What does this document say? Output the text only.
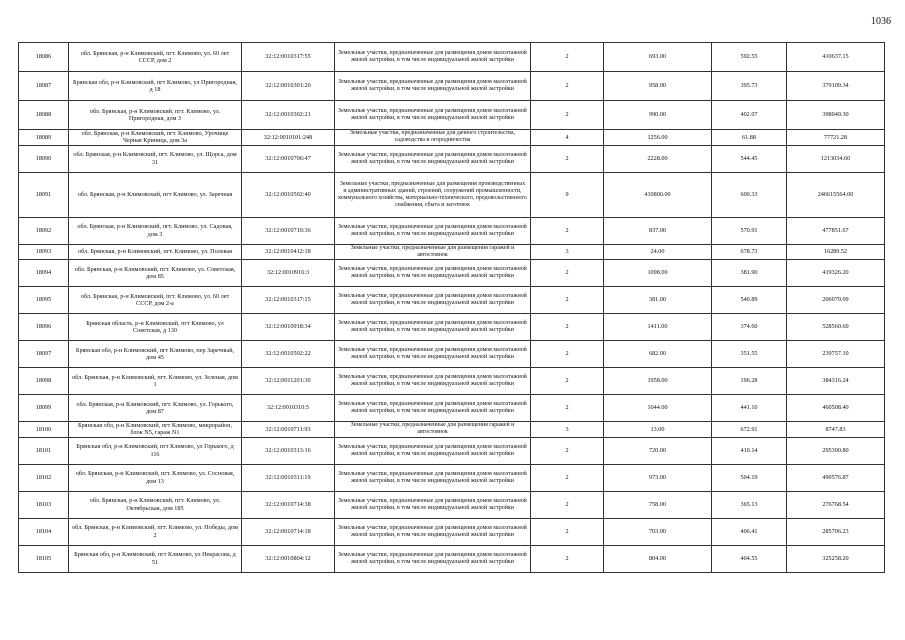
1036
18086	обл. Брянская, р-н Климовский, пгт. Климово, ул. 60 лет СССР, дом 2	32:12:0010317:55	Земельные участки, предназначенные для размещения домов малоэтажной жилой застройки, в том числе индивидуальной жилой застройки	2	693.00	592.55	410637.15
18087	Брянская обл, р-н Климовский, пгт Климово, ул Пригородная, д 18	32:12:0010301:20	Земельные участки, предназначенные для размещения домов малоэтажной жилой застройки, в том числе индивидуальной жилой застройки	2	958.00	395.73	379109.34
18088	обл. Брянская, р-н Климовский, пгт. Климово, ул. Пригородная, дом 3	32:12:0010302:21	Земельные участки, предназначенные для размещения домов малоэтажной жилой застройки, в том числе индивидуальной жилой застройки	2	990.00	402.07	398049.30
18089	обл. Брянская, р-н Климовский, пгт. Климово, Урочище Черная Криница, дом 3а	32:12:0010101:248	Земельные участки, предназначенные для дачного строительства, садоводства и огородничества	4	1256.00	61.88	77721.28
18090	обл. Брянская, р-н Климовский, пгт. Климово, ул. Щорса, дом 31	32:12:0010706:47	Земельные участки, предназначенные для размещения домов малоэтажной жилой застройки, в том числе индивидуальной жилой застройки	2	2228.00	544.45	1213034.60
18091	обл. Брянская, р-н Климовский, пгт Климово, ул. Заречная	32:12:0010502:40	Земельные участки, предназначенные для размещения производственных и административных зданий, строений, сооружений промышленности, коммунального хозяйства, материально-технического, продовольственного снабжения, сбыта и заготовок	9	410800.00	600.33	246615564.00
18092	обл. Брянская, р-н Климовский, пгт. Климово, ул. Садовая, дом 3	32:12:0010710:36	Земельные участки, предназначенные для размещения домов малоэтажной жилой застройки, в том числе индивидуальной жилой застройки	2	837.00	570.91	477851.67
18093	обл. Брянская, р-н Климовский, пгт. Климово, ул. Полевая	32:12:0010412:18	Земельные участки, предназначенные для размещения гаражей и автостоянок	3	24.00	678.73	16289.52
18094	обл. Брянская, р-н Климовский, пгт. Климово, ул. Советская, дом 85	32:12:0010916:3	Земельные участки, предназначенные для размещения домов малоэтажной жилой застройки, в том числе индивидуальной жилой застройки	2	1098.00	381.90	419326.20
18095	обл. Брянская, р-н Климовский, пгт. Климово, ул. 60 лет СССР, дом 2-а	32:12:0010317:15	Земельные участки, предназначенные для размещения домов малоэтажной жилой застройки, в том числе индивидуальной жилой застройки	2	381.00	540.89	206079.09
18096	Брянская область, р-н Климовский, пгт Климово, ул Советская, д 130	32:12:0010918:34	Земельные участки, предназначенные для размещения домов малоэтажной жилой застройки, в том числе индивидуальной жилой застройки	2	1411.00	374.60	528560.60
18097	Брянская обл, р-н Климовский, пгт Климово, пер Заречный, дом 45	32:12:0010502:22	Земельные участки, предназначенные для размещения домов малоэтажной жилой застройки, в том числе индивидуальной жилой застройки	2	682.00	351.55	239757.10
18098	обл. Брянская, р-н Климовский, пгт. Климово, ул. Зеленая, дом 1	32:12:0011201:30	Земельные участки, предназначенные для размещения домов малоэтажной жилой застройки, в том числе индивидуальной жилой застройки	2	1958.00	196.28	384316.24
18099	обл. Брянская, р-н Климовский, пгт. Климово, ул. Горького, дом 87	32:12:0010310:5	Земельные участки, предназначенные для размещения домов малоэтажной жилой застройки, в том числе индивидуальной жилой застройки	2	1044.00	441.10	460508.40
18100	Брянская обл, р-н Климовский, пгт Климово, микрорайон, блок N5, гараж N1	32:12:0010711:93	Земельные участки, предназначенные для размещения гаражей и автостоянок	3	13.00	672.91	8747.83
18101	Брянская обл, р-н Климовский, пгт Климово, ул Горького, д 116	32:12:0010313:16	Земельные участки, предназначенные для размещения домов малоэтажной жилой застройки, в том числе индивидуальной жилой застройки	2	720.00	410.14	295300.80
18102	обл. Брянская, р-н Климовский, пгт. Климово, ул. Сосновая, дом 13	32:12:0010311:19	Земельные участки, предназначенные для размещения домов малоэтажной жилой застройки, в том числе индивидуальной жилой застройки	2	973.00	504.19	490576.87
18103	обл. Брянская, р-н Климовский, пгт. Климово, ул. Октябрьская, дом 185	32:12:0010714:38	Земельные участки, предназначенные для размещения домов малоэтажной жилой застройки, в том числе индивидуальной жилой застройки	2	758.00	365.13	276768.54
18104	обл. Брянская, р-н Климовский, пгт. Климово, ул. Победы, дом 2	32:12:0010714:18	Земельные участки, предназначенные для размещения домов малоэтажной жилой застройки, в том числе индивидуальной жилой застройки	2	703.00	406.41	285706.23
18105	Брянская обл, р-н Климовский, пгт Климово, ул Некрасова, д 51	32:12:0010804:12	Земельные участки, предназначенные для размещения домов малоэтажной жилой застройки, в том числе индивидуальной жилой застройки	2	804.00	404.55	325258.20
